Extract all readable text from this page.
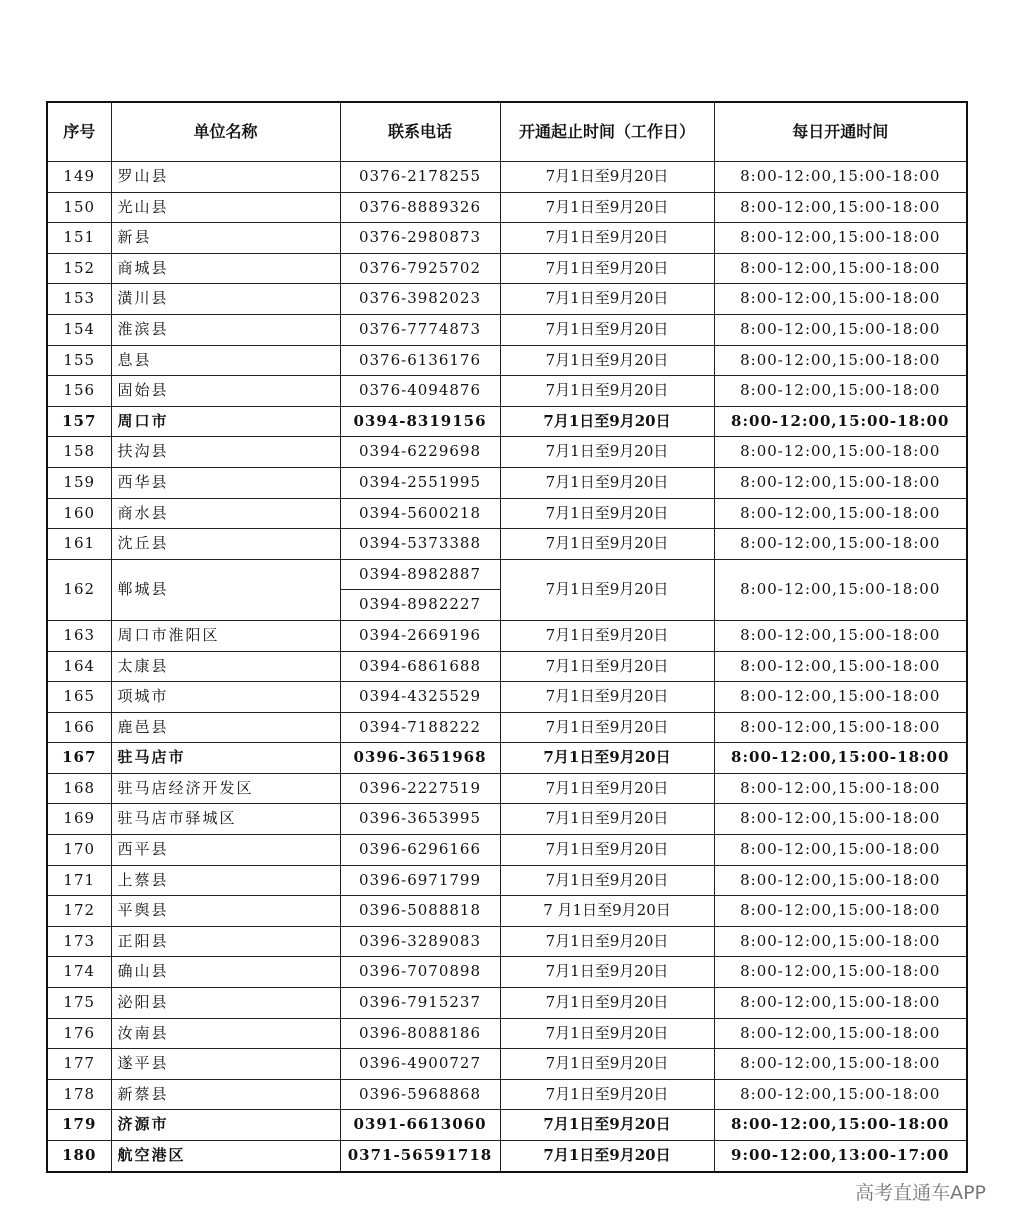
序号	单位名称	联系电话	开通起止时间（工作日）	每日开通时间
149	罗山县	0376-2178255	7月1日至9月20日	8:00-12:00,15:00-18:00
150	光山县	0376-8889326	7月1日至9月20日	8:00-12:00,15:00-18:00
151	新县	0376-2980873	7月1日至9月20日	8:00-12:00,15:00-18:00
152	商城县	0376-7925702	7月1日至9月20日	8:00-12:00,15:00-18:00
153	潢川县	0376-3982023	7月1日至9月20日	8:00-12:00,15:00-18:00
154	淮滨县	0376-7774873	7月1日至9月20日	8:00-12:00,15:00-18:00
155	息县	0376-6136176	7月1日至9月20日	8:00-12:00,15:00-18:00
156	固始县	0376-4094876	7月1日至9月20日	8:00-12:00,15:00-18:00
157	周口市	0394-8319156	7月1日至9月20日	8:00-12:00,15:00-18:00
158	扶沟县	0394-6229698	7月1日至9月20日	8:00-12:00,15:00-18:00
159	西华县	0394-2551995	7月1日至9月20日	8:00-12:00,15:00-18:00
160	商水县	0394-5600218	7月1日至9月20日	8:00-12:00,15:00-18:00
161	沈丘县	0394-5373388	7月1日至9月20日	8:00-12:00,15:00-18:00
162	郸城县	0394-8982887	7月1日至9月20日	8:00-12:00,15:00-18:00
		0394-8982227		
163	周口市淮阳区	0394-2669196	7月1日至9月20日	8:00-12:00,15:00-18:00
164	太康县	0394-6861688	7月1日至9月20日	8:00-12:00,15:00-18:00
165	项城市	0394-4325529	7月1日至9月20日	8:00-12:00,15:00-18:00
166	鹿邑县	0394-7188222	7月1日至9月20日	8:00-12:00,15:00-18:00
167	驻马店市	0396-3651968	7月1日至9月20日	8:00-12:00,15:00-18:00
168	驻马店经济开发区	0396-2227519	7月1日至9月20日	8:00-12:00,15:00-18:00
169	驻马店市驿城区	0396-3653995	7月1日至9月20日	8:00-12:00,15:00-18:00
170	西平县	0396-6296166	7月1日至9月20日	8:00-12:00,15:00-18:00
171	上蔡县	0396-6971799	7月1日至9月20日	8:00-12:00,15:00-18:00
172	平舆县	0396-5088818	7 月1日至9月20日	8:00-12:00,15:00-18:00
173	正阳县	0396-3289083	7月1日至9月20日	8:00-12:00,15:00-18:00
174	确山县	0396-7070898	7月1日至9月20日	8:00-12:00,15:00-18:00
175	泌阳县	0396-7915237	7月1日至9月20日	8:00-12:00,15:00-18:00
176	汝南县	0396-8088186	7月1日至9月20日	8:00-12:00,15:00-18:00
177	遂平县	0396-4900727	7月1日至9月20日	8:00-12:00,15:00-18:00
178	新蔡县	0396-5968868	7月1日至9月20日	8:00-12:00,15:00-18:00
179	济源市	0391-6613060	7月1日至9月20日	8:00-12:00,15:00-18:00
180	航空港区	0371-56591718	7月1日至9月20日	9:00-12:00,13:00-17:00
高考直通车APP
